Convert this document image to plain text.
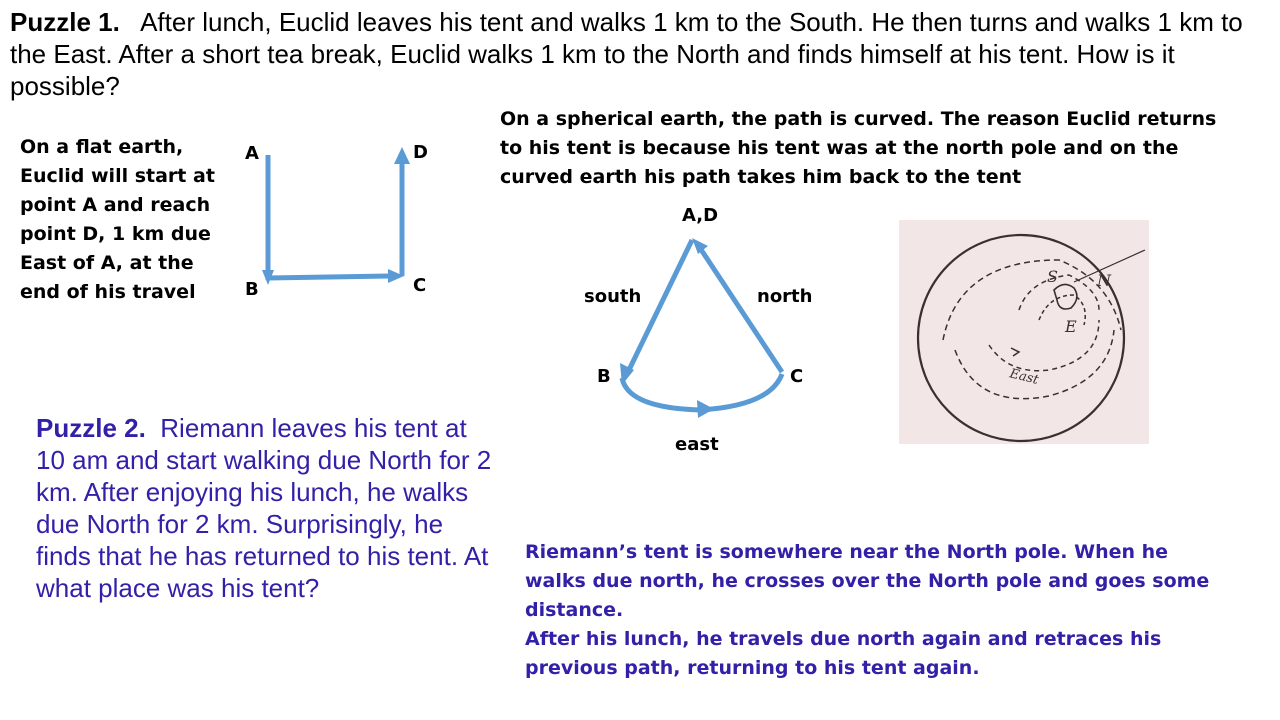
Puzzle 1. After lunch, Euclid leaves his tent and walks 1 km to the South. He then turns and walks 1 km to the East. After a short tea break, Euclid walks 1 km to the North and finds himself at his tent. How is it possible?
On a flat earth, Euclid will start at point A and reach point D, 1 km due East of A, at the end of his travel
On a spherical earth, the path is curved. The reason Euclid returns to his tent is because his tent was at the north pole and on the curved earth his path takes him back to the tent
A
B	C
D
A,D
south	north
B	C
east
S N
E
East
Puzzle 2. Riemann leaves his tent at 10 am and start walking due North for 2 km. After enjoying his lunch, he walks due North for 2 km. Surprisingly, he finds that he has returned to his tent. At what place was his tent?
Riemann’s tent is somewhere near the North pole. When he walks due north, he crosses over the North pole and goes some distance.
After his lunch, he travels due north again and retraces his previous path, returning to his tent again.
